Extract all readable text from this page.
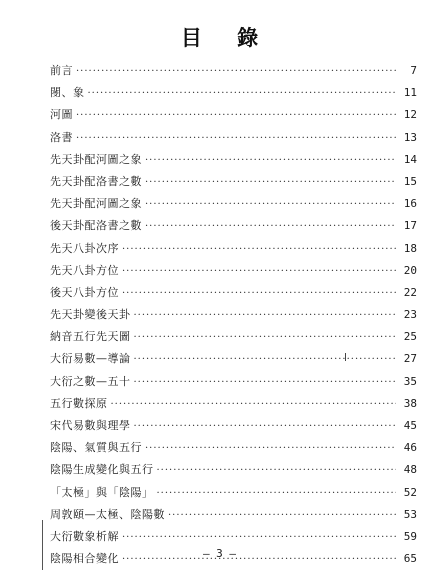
目 錄
前言 ·····	7
閿、象 ·····	11
河圖 ·····	12
洛書 ·····	13
先天卦配河圖之象 ·····	14
先天卦配洛書之數 ·····	15
先天卦配河圖之象 ·····	16
後天卦配洛書之數 ·····	17
先天八卦次序 ·····	18
先天八卦方位 ·····	20
後天八卦方位 ·····	22
先天卦變後天卦 ·····	23
納音五行先天圖 ·····	25
大衍易數—導論 ·····	27
大衍之數—五十 ·····	35
五行數探原 ·····	38
宋代易數與理學 ·····	45
陰陽、氣質與五行 ·····	46
陰陽生成變化與五行 ·····	48
「太極」與「陰陽」 ·····	52
周敦頤—太極、陰陽數 ·····	53
大衍數象析解 ·····	59
陰陽相合變化 ·····	65
— 3 —
